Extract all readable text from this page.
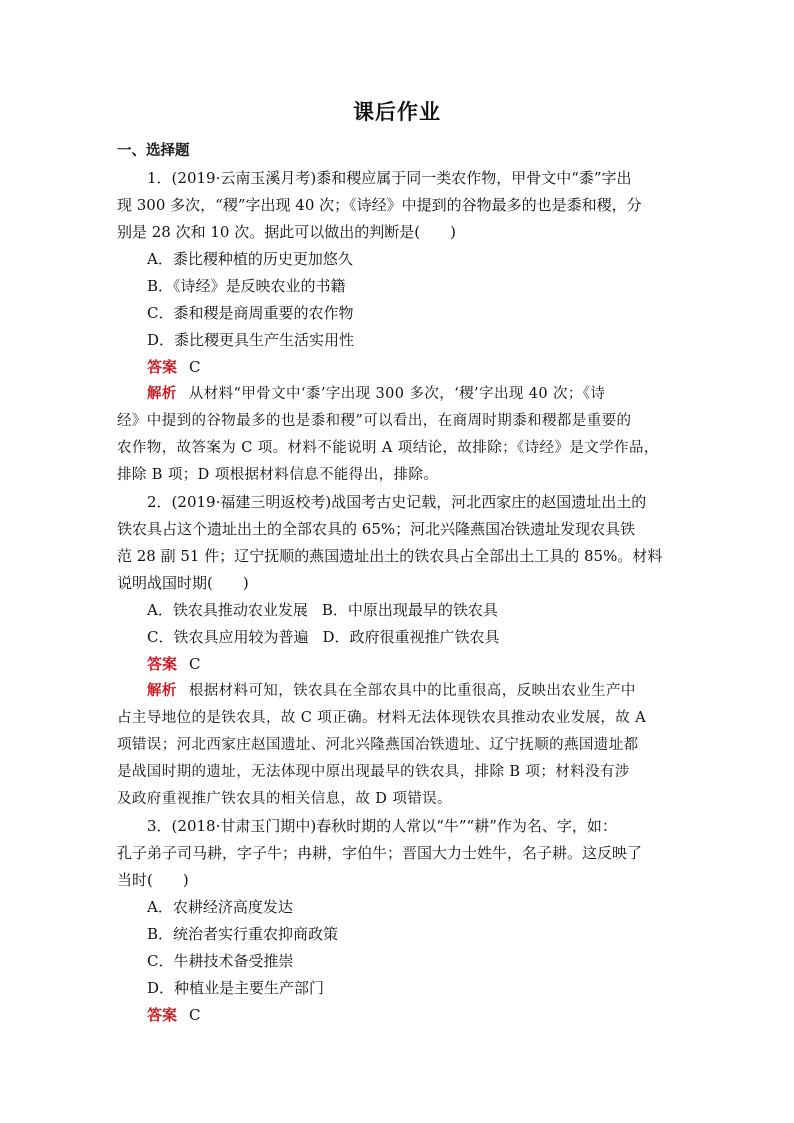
课后作业

一、选择题

1．(2019·云南玉溪月考)黍和稷应属于同一类农作物，甲骨文中“黍”字出

现 300 多次，“稷”字出现 40 次；《诗经》中提到的谷物最多的也是黍和稷，分

别是 28 次和 10 次。据此可以做出的判断是(　　)

A．黍比稷种植的历史更加悠久

B．《诗经》是反映农业的书籍

C．黍和稷是商周重要的农作物

D．黍比稷更具生产生活实用性

答案 C

解析 从材料“甲骨文中‘黍’字出现 300 多次，‘稷’字出现 40 次；《诗

经》中提到的谷物最多的也是黍和稷”可以看出，在商周时期黍和稷都是重要的

农作物，故答案为 C 项。材料不能说明 A 项结论，故排除；《诗经》是文学作品，

排除 B 项；D 项根据材料信息不能得出，排除。

2．(2019·福建三明返校考)战国考古史记载，河北西家庄的赵国遗址出土的

铁农具占这个遗址出土的全部农具的 65%；河北兴隆燕国冶铁遗址发现农具铁

范 28 副 51 件；辽宁抚顺的燕国遗址出土的铁农具占全部出土工具的 85%。材料

说明战国时期(　　)

A．铁农具推动农业发展 B．中原出现最早的铁农具

C．铁农具应用较为普遍 D．政府很重视推广铁农具

答案 C

解析 根据材料可知，铁农具在全部农具中的比重很高，反映出农业生产中

占主导地位的是铁农具，故 C 项正确。材料无法体现铁农具推动农业发展，故 A

项错误；河北西家庄赵国遗址、河北兴隆燕国冶铁遗址、辽宁抚顺的燕国遗址都

是战国时期的遗址，无法体现中原出现最早的铁农具，排除 B 项；材料没有涉

及政府重视推广铁农具的相关信息，故 D 项错误。

3．(2018·甘肃玉门期中)春秋时期的人常以“牛”“耕”作为名、字，如：

孔子弟子司马耕，字子牛；冉耕，字伯牛；晋国大力士姓牛，名子耕。这反映了

当时(　　)

A．农耕经济高度发达

B．统治者实行重农抑商政策

C．牛耕技术备受推崇

D．种植业是主要生产部门

答案 C
